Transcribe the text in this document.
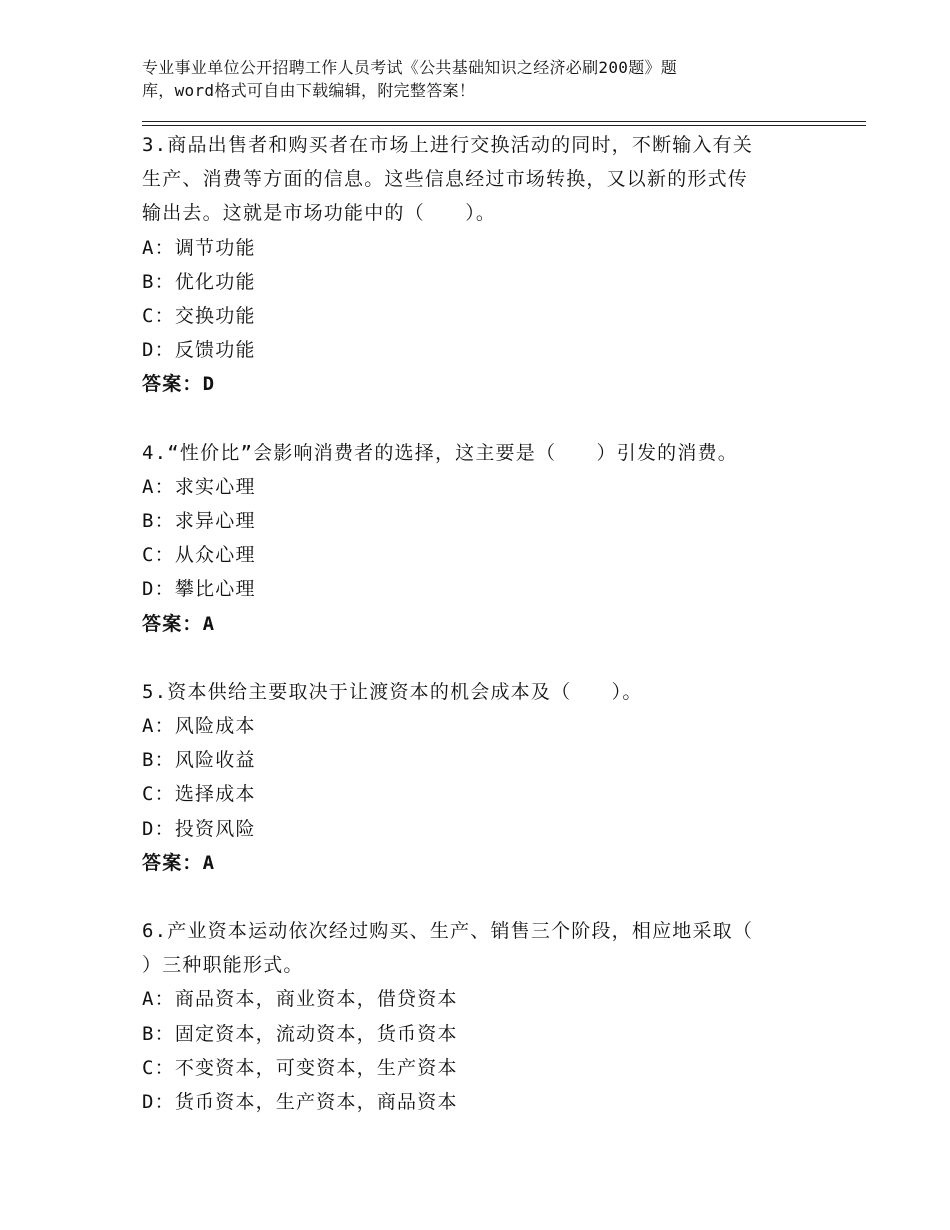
专业事业单位公开招聘工作人员考试《公共基础知识之经济必刷200题》题
库，word格式可自由下载编辑，附完整答案！
3.商品出售者和购买者在市场上进行交换活动的同时，不断输入有关
生产、消费等方面的信息。这些信息经过市场转换，又以新的形式传
输出去。这就是市场功能中的（　　）。
A：调节功能
B：优化功能
C：交换功能
D：反馈功能
答案：D
4.“性价比”会影响消费者的选择，这主要是（　　）引发的消费。
A：求实心理
B：求异心理
C：从众心理
D：攀比心理
答案：A
5.资本供给主要取决于让渡资本的机会成本及（　　）。
A：风险成本
B：风险收益
C：选择成本
D：投资风险
答案：A
6.产业资本运动依次经过购买、生产、销售三个阶段，相应地采取（
）三种职能形式。
A：商品资本，商业资本，借贷资本
B：固定资本，流动资本，货币资本
C：不变资本，可变资本，生产资本
D：货币资本，生产资本，商品资本
